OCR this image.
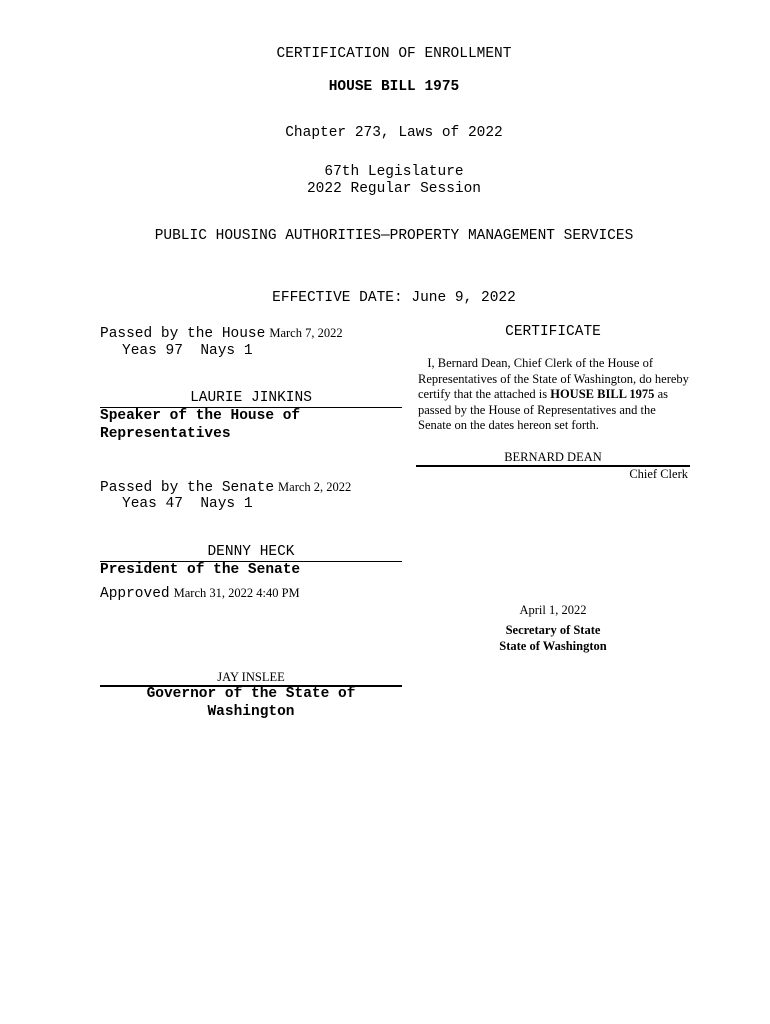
CERTIFICATION OF ENROLLMENT
HOUSE BILL 1975
Chapter 273, Laws of 2022
67th Legislature
2022 Regular Session
PUBLIC HOUSING AUTHORITIES—PROPERTY MANAGEMENT SERVICES
EFFECTIVE DATE: June 9, 2022
Passed by the House March 7, 2022
Yeas 97  Nays 1
LAURIE JINKINS
Speaker of the House of
Representatives
Passed by the Senate March 2, 2022
Yeas 47  Nays 1
DENNY HECK
President of the Senate
Approved March 31, 2022 4:40 PM
JAY INSLEE
Governor of the State of
Washington
CERTIFICATE
I, Bernard Dean, Chief Clerk of the House of Representatives of the State of Washington, do hereby certify that the attached is HOUSE BILL 1975 as passed by the House of Representatives and the Senate on the dates hereon set forth.
BERNARD DEAN
Chief Clerk
April 1, 2022
Secretary of State
State of Washington
